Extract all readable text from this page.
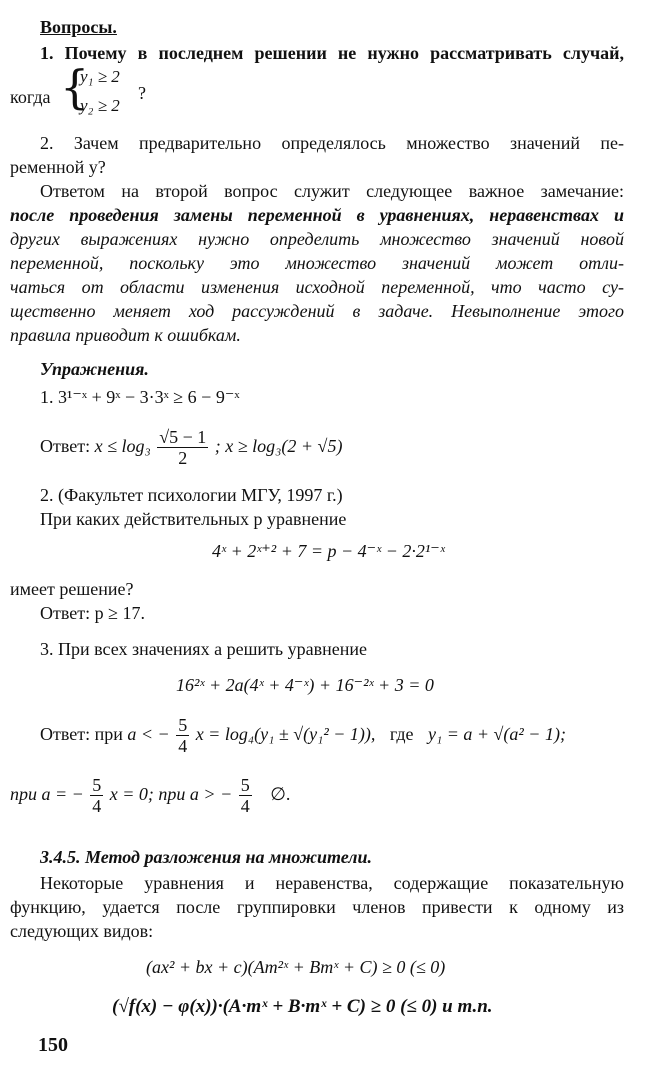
Вопросы.
1. Почему в последнем решении не нужно рассматривать случай,
когда {
y₁ ≥ 2
y₂ ≥ 2
?
2. Зачем предварительно определялось множество значений пе-
ременной y?
Ответом на второй вопрос служит следующее важное замечание:
после проведения замены переменной в уравнениях, неравенствах и
других выражениях нужно определить множество значений новой
переменной, поскольку это множество значений может отли-
чаться от области изменения исходной переменной, что часто су-
щественно меняет ход рассуждений в задаче. Невыполнение этого
правила приводит к ошибкам.
Упражнения.
1. 3¹⁻ˣ + 9ˣ − 3·3ˣ ≥ 6 − 9⁻ˣ
Ответ: $x \le \log_3 \frac{√5 - 1}{2}$ ; x ≥ log₃(2 + √5)
2. (Факультет психологии МГУ, 1997 г.)
При каких действительных p уравнение
4ˣ + 2ˣ⁺² + 7 = p − 4⁻ˣ − 2·2¹⁻ˣ
имеет решение?
Ответ: p ≥ 17.
3. При всех значениях a решить уравнение
16²ˣ + 2a(4ˣ + 4⁻ˣ) + 16⁻²ˣ + 3 = 0
Ответ: при a < − $\frac{5}{4}$ x = log₄(y₁ ± √(y₁² − 1)), где y₁ = a + √(a² − 1);
при a = − $\frac{5}{4}$ x = 0; при a > − $\frac{5}{4}$ ∅.
3.4.5. Метод разложения на множители.
Некоторые уравнения и неравенства, содержащие показательную
функцию, удается после группировки членов привести к одному из
следующих видов:
(ax² + bx + c)(Am²ˣ + Bmˣ + C) ≥ 0 (≤ 0)
(√f(x) − φ(x))·(A·mˣ + B·mˣ + C) ≥ 0 (≤ 0) и т.п.
150
